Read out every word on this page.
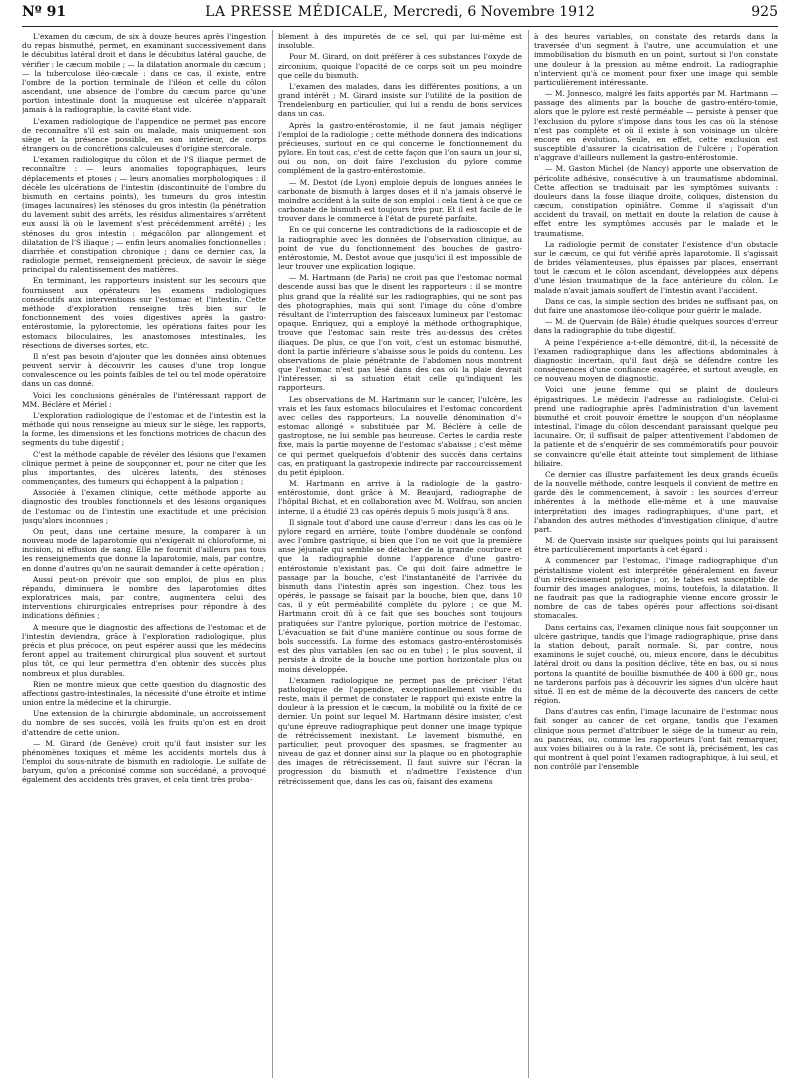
Nº 91	LA PRESSE MÉDICALE, Mercredi, 6 Novembre 1912	925

L'examen du cæcum, de six à douze heures après l'ingestion du repas bismuthé, permet, en examinant successivement dans le décubitus latéral droit et dans le décubitus latéral gauche, de vérifier : le cæcum mobile ; — la dilatation anormale du cæcum ; — la tuberculose iléo-cæcale : dans ce cas, il existe, entre l'ombre de la portion terminale de l'iléon et celle du côlon ascendant, une absence de l'ombre du cæcum parce qu'une portion intestinale dont la muqueuse est ulcérée n'apparaît jamais à la radiographie, la cavité étant vide.

L'examen radiologique de l'appendice ne permet pas encore de reconnaître s'il est sain ou malade, mais uniquement son siège et la présence possible, en son intérieur, de corps étrangers ou de concrétions calculeuses d'origine stercorale.

L'examen radiologique du côlon et de l'S iliaque permet de reconnaître : — leurs anomalies topographiques, leurs déplacements et ptoses ; — leurs anomalies morphologiques : il décèle les ulcérations de l'intestin (discontinuité de l'ombre du bismuth en certains points), les tumeurs du gros intestin (images lacunaires) les sténoses du gros intestin (la pénétration du lavement subit des arrêts, les résidus alimentaires s'arrêtent eux aussi là où le lavement s'est précédemment arrêté) ; les sténoses du gros intestin : mégacôlon par allongement et dilatation de l'S iliaque ; — enfin leurs anomalies fonctionnelles : diarrhée et constipation chronique ; dans ce dernier cas, la radiologie permet, renseignement précieux, de savoir le siège principal du ralentissement des matières.

En terminant, les rapporteurs insistent sur les secours que fournissent aux opérateurs les examens radiologiques consécutifs aux interventions sur l'estomac et l'intestin. Cette méthode d'exploration renseigne très bien sur le fonctionnement des voies digestives après la gastro-entérostomie, la pylorectomie, les opérations faites pour les estomacs biloculaires, les anastomoses intestinales, les résections de diverses sortes, etc.

Il n'est pas besoin d'ajouter que les données ainsi obtenues peuvent servir à découvrir les causes d'une trop longue convalescence ou les points faibles de tel ou tel mode opératoire dans un cas donné.

Voici les conclusions générales de l'intéressant rapport de MM. Béclère et Mériel :

L'exploration radiologique de l'estomac et de l'intestin est la méthode qui nous renseigne au mieux sur le siège, les rapports, la forme, les dimensions et les fonctions motrices de chacun des segments du tube digestif ;

C'est la méthode capable de révéler des lésions que l'examen clinique permet à peine de soupçonner et, pour ne citer que les plus importantes, des ulcères latents, des sténoses commençantes, des tumeurs qui échappent à la palpation ;

Associée à l'examen clinique, cette méthode apporte au diagnostic des troubles fonctionnels et des lésions organiques de l'estomac ou de l'intestin une exactitude et une précision jusqu'alors inconnues ;

On peut, dans une certaine mesure, la comparer à un nouveau mode de laparotomie qui n'exigerait ni chloroforme, ni incision, ni effusion de sang. Elle ne fournit d'ailleurs pas tous les renseignements que donne la laparotomie, mais, par contre, en donne d'autres qu'on ne saurait demander à cette opération ;

Aussi peut-on prévoir que son emploi, de plus en plus répandu, diminuera le nombre des laparotomies dites exploratrices mais, par contre, augmentera celui des interventions chirurgicales entreprises pour répondre à des indications définies ;

A mesure que le diagnostic des affections de l'estomac et de l'intestin deviendra, grâce à l'exploration radiologique, plus précis et plus précoce, on peut espérer aussi que les médecins feront appel au traitement chirurgical plus souvent et surtout plus tôt, ce qui leur permettra d'en obtenir des succès plus nombreux et plus durables.

Rien ne montre mieux que cette question du diagnostic des affections gastro-intestinales, la nécessité d'une étroite et intime union entre la médecine et la chirurgie.

Une extension de la chirurgie abdominale, un accroissement du nombre de ses succès, voilà les fruits qu'on est en droit d'attendre de cette union.

— M. Girard (de Genève) croit qu'il faut insister sur les phénomènes toxiques et même les accidents mortels dus à l'emploi du sous-nitrate de bismuth en radiologie. Le sulfate de baryum, qu'on a préconisé comme son succédané, a provoqué également des accidents très graves, et cela tient très proba-

blement à des impuretés de ce sel, qui par lui-même est insoluble.

Pour M. Girard, on doit préférer à ces substances l'oxyde de zirconium, quoique l'opacité de ce corps soit un peu moindre que celle du bismuth.

L'examen des malades, dans les différentes positions, a un grand intérêt ; M. Girard insiste sur l'utilité de la position de Trendelenburg en particulier, qui lui a rendu de bons services dans un cas.

Après la gastro-entérostomie, il ne faut jamais négliger l'emploi de la radiologie ; cette méthode donnera des indications précieuses, surtout en ce qui concerne le fonctionnement du pylore. En tout cas, c'est de cette façon que l'on saura un jour si, oui ou non, on doit faire l'exclusion du pylore comme complément de la gastro-entérostomie.

— M. Destot (de Lyon) emploie depuis de longues années le carbonate de bismuth à larges doses et il n'a jamais observé le moindre accident à la suite de son emploi : cela tient à ce que ce carbonate de bismuth est toujours très pur. Et il est facile de le trouver dans le commerce à l'état de pureté parfaite.

En ce qui concerne les contradictions de la radioscopie et de la radiographie avec les données de l'observation clinique, au point de vue du fonctionnement des bouches de gastro-entérostomie, M. Destot avoue que jusqu'ici il est impossible de leur trouver une explication logique.

— M. Hartmann (de Paris) ne croit pas que l'estomac normal descende aussi bas que le disent les rapporteurs : il se montre plus grand que la réalité sur les radiographies, qui ne sont pas des photographies, mais qui sont l'image du cône d'ombre résultant de l'interruption des faisceaux lumineux par l'estomac opaque. Enriquez, qui a employé la méthode orthographique, trouve que l'estomac sain reste très au-dessus des crêtes iliaques. De plus, ce que l'on voit, c'est un estomac bismuthé, dont la partie inférieure s'abaisse sous le poids du contenu. Les observations de plaie pénétrante de l'abdomen nous montrent que l'estomac n'est pas lésé dans des cas où la plaie devrait l'intéresser, si sa situation était celle qu'indiquent les rapporteurs.

Les observations de M. Hartmann sur le cancer, l'ulcère, les vrais et les faux estomacs biloculaires et l'estomac concordent avec celles des rapporteurs. La nouvelle dénomination d'« estomac allongé » substituée par M. Béclère à celle de gastroptose, ne lui semble pas heureuse. Certes le cardia reste fixe, mais la partie moyenne de l'estomac s'abaisse ; c'est même ce qui permet quelquefois d'obtenir des succès dans certains cas, en pratiquant la gastropexie indirecte par raccourcissement du petit épiploon.

M. Hartmann en arrive à la radiologie de la gastro-entérostomie, dont grâce à M. Beaujard, radiographe de l'hôpital Bichat, et en collaboration avec M. Wolfrau, son ancien interne, il a étudié 23 cas opérés depuis 5 mois jusqu'à 8 ans.

Il signale tout d'abord une cause d'erreur : dans les cas où le pylore regard en arrière, toute l'ombre duodénale se confond avec l'ombre gastrique, si bien que l'on ne voit que la première anse jéjunale qui semble se détacher de la grande courbure et que la radiographie donne l'apparence d'une gastro-entérostomie n'existant pas. Ce qui doit faire admettre le passage par la bouche, c'est l'instantanéité de l'arrivée du bismuth dans l'intestin après son ingestion. Chez tous les opérés, le passage se faisait par la bouche, bien que, dans 10 cas, il y eût perméabilité complète du pylore ; ce que M. Hartmann croit dû à ce fait que ses bouches sont toujours pratiquées sur l'antre pylorique, portion motrice de l'estomac. L'évacuation se fait d'une manière continue ou sous forme de bols successifs. La forme des estomacs gastro-entérostomisés est des plus variables (en sac ou en tube) ; le plus souvent, il persiste à droite de la bouche une portion horizontale plus ou moins développée.

L'examen radiologique ne permet pas de préciser l'état pathologique de l'appendice, exceptionnellement visible du reste, mais il permet de constater le rapport qui existe entre la douleur à la pression et le cæcum, la mobilité ou la fixité de ce dernier. Un point sur lequel M. Hartmann désire insister, c'est qu'une épreuve radiographique peut donner une image typique de rétrécissement inexistant. Le lavement bismuthé, en particulier, peut provoquer des spasmes, se fragmenter au niveau de gaz et donner ainsi sur la plaque ou en photographie des images de rétrécissement. Il faut suivre sur l'écran la progression du bismuth et n'admettre l'existence d'un rétrécissement que, dans les cas où, faisant des examens

à des heures variables, on constate des retards dans la traversée d'un segment à l'autre, une accumulation et une immobilisation du bismuth en un point, surtout si l'on constate une douleur à la pression au même endroit. La radiographie n'intervient qu'à ce moment pour fixer une image qui semble particulièrement intéressante.

— M. Jonnesco, malgré les faits apportés par M. Hartmann — passage des aliments par la bouche de gastro-entéro-tomie, alors que le pylore est resté perméable — persiste à penser que l'exclusion du pylore s'impose dans tous les cas où la sténose n'est pas complète et où il existe à son voisinage un ulcère encore en évolution. Seule, en effet, cette exclusion est susceptible d'assurer la cicatrisation de l'ulcère ; l'opération n'aggrave d'ailleurs nullement la gastro-entérostomie.

— M. Gaston Michel (de Nancy) apporte une observation de péricolite adhésive, consécutive à un traumatisme abdominal. Cette affection se traduisait par les symptômes suivants : douleurs dans la fosse iliaque droite, coliques, distension du cæcum, constipation opiniâtre. Comme il s'agissait d'un accident du travail, on mettait en doute la relation de cause à effet entre les symptômes accusés par le malade et le traumatisme.

La radiologie permit de constater l'existence d'un obstacle sur le cæcum, ce qui fut vérifié après laparotomie. Il s'agissait de brides vélamenteuses, plus épaisses par places, enserrant tout le cæcum et le côlon ascendant, développées aux dépens d'une lésion traumatique de la face antérieure du côlon. Le malade n'avait jamais souffert de l'intestin avant l'accident.

Dans ce cas, la simple section des brides ne suffisant pas, on dut faire une anastomose iléo-colique pour guérir le malade.

— M. de Quervain (de Bâle) étudie quelques sources d'erreur dans la radiographie du tube digestif.

A peine l'expérience a-t-elle démontré, dit-il, la nécessité de l'examen radiographique dans les affections abdominales à diagnostic incertain, qu'il faut déjà se défendre contre les conséquences d'une confiance exagérée, et surtout aveugle, en ce nouveau moyen de diagnostic.

Voici une jeune femme qui se plaint de douleurs épigastriques. Le médecin l'adresse au radiologiste. Celui-ci prend une radiographie après l'administration d'un lavement bismuthé et croit pouvoir émettre le soupçon d'un néoplasme intestinal, l'image du côlon descendant paraissant quelque peu lacunaire. Or, il suffisait de palper attentivement l'abdomen de la patiente et de s'enquérir de ses commémoratifs pour pouvoir se convaincre qu'elle était atteinte tout simplement de lithiase biliaire.

Ce dernier cas illustre parfaitement les deux grands écueils de la nouvelle méthode, contre lesquels il convient de mettre en garde dès le commencement, à savoir : les sources d'erreur inhérentes à la méthode elle-même et à une mauvaise interprétation des images radiographiques, d'une part, et l'abandon des autres méthodes d'investigation clinique, d'autre part.

M. de Quervain insiste sur quelques points qui lui paraissent être particulièrement importants à cet égard :

A commencer par l'estomac, l'image radiographique d'un péristaltisme violent est interprétée généralement en faveur d'un rétrécissement pylorique ; or, le tabes est susceptible de fournir des images analogues, moins, toutefois, la dilatation. Il ne faudrait pas que la radiographie vienne encore grossir le nombre de cas de tabes opérés pour affections soi-disant stomacales.

Dans certains cas, l'examen clinique nous fait soupçonner un ulcère gastrique, tandis que l'image radiographique, prise dans la station debout, paraît normale. Si, par contre, nous examinons le sujet couché, ou, mieux encore, dans le décubitus latéral droit ou dans la position déclive, tête en bas, ou si nous portons la quantité de bouillie bismuthée de 400 à 600 gr., nous ne tarderons parfois pas à découvrir les signes d'un ulcère haut situé. Il en est de même de la découverte des cancers de cette région.

Dans d'autres cas enfin, l'image lacunaire de l'estomac nous fait songer au cancer de cet organe, tandis que l'examen clinique nous permet d'attribuer le siège de la tumeur au rein, au pancréas, ou, comme les rapporteurs l'ont fait remarquer, aux voies biliaires ou à la rate. Ce sont là, précisément, les cas qui montrent à quel point l'examen radiographique, à lui seul, et non contrôlé par l'ensemble
